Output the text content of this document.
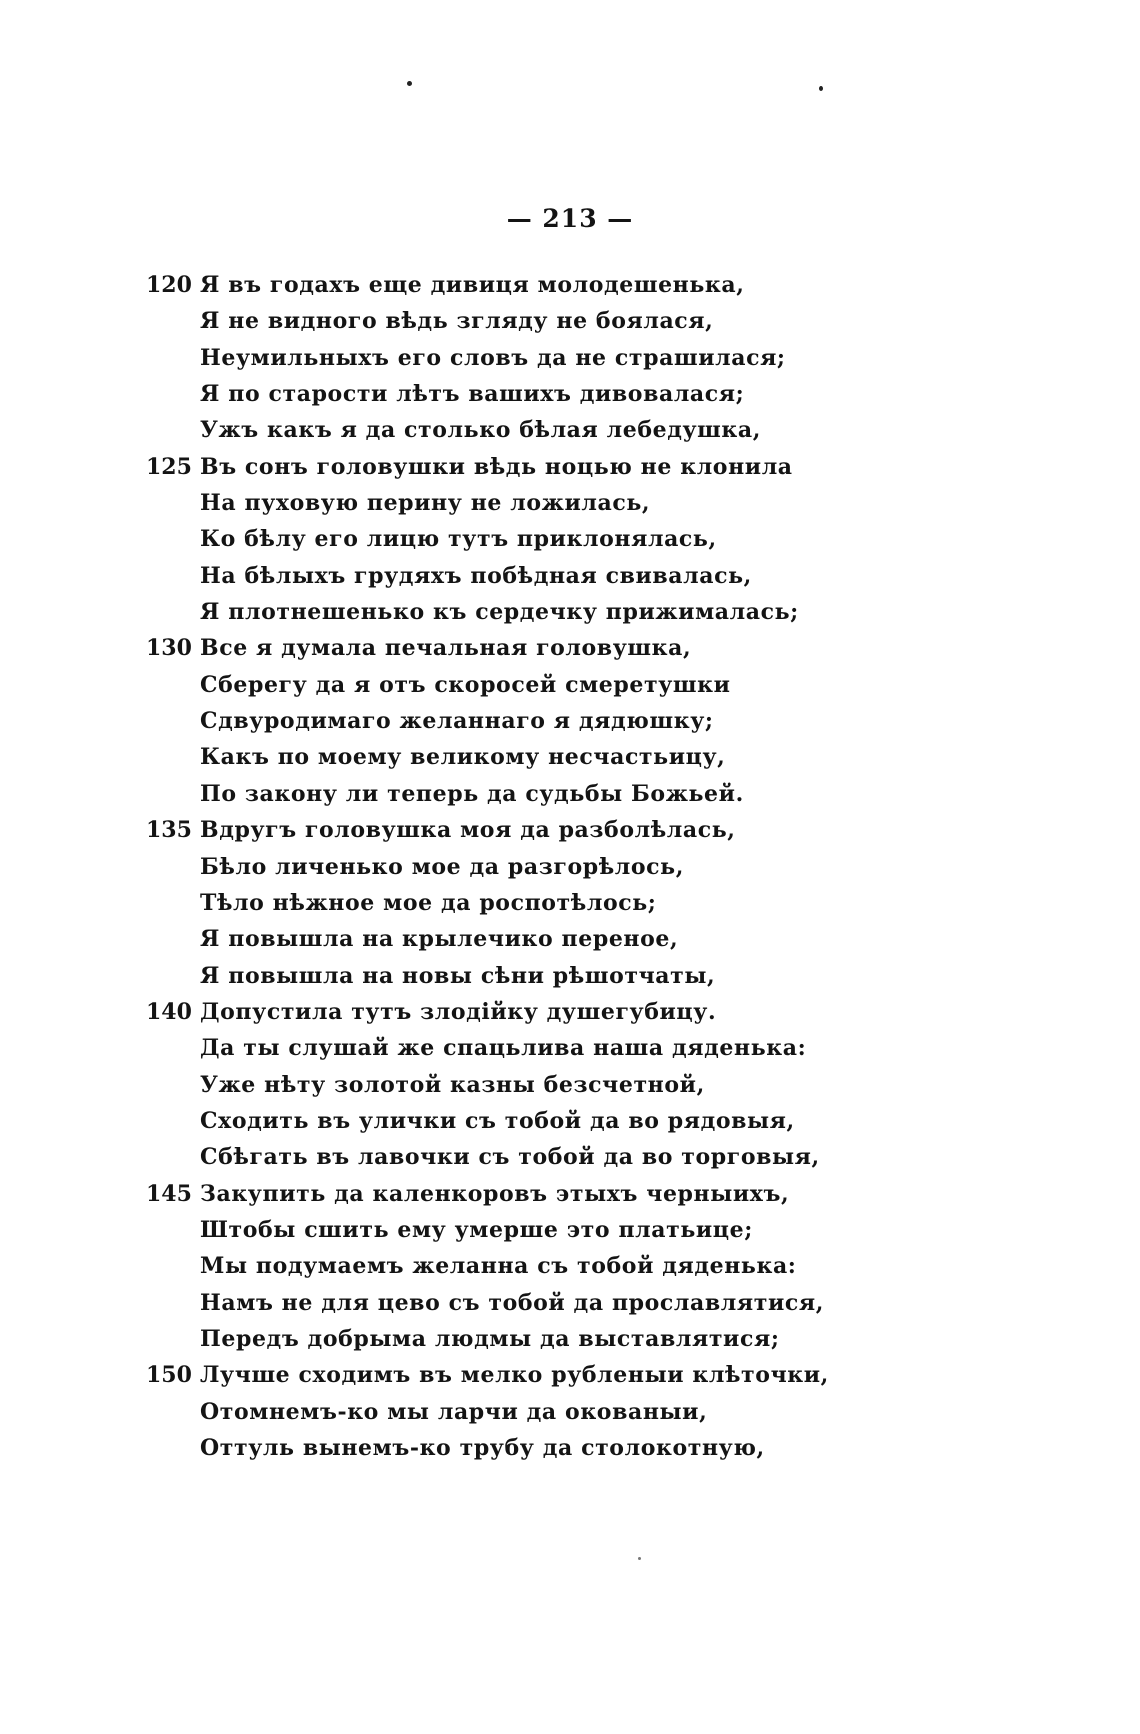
— 213 —
120 Я въ годахъ еще дивиця молодешенька,
Я не видного вѣдь згляду не боялася,
Неумильныхъ его словъ да не страшилася;
Я по старости лѣтъ вашихъ дивовалася;
Ужъ какъ я да столько бѣлая лебедушка,
125 Въ сонъ головушки вѣдь ноцью не клонила
На пуховую перину не ложилась,
Ко бѣлу его лицю тутъ приклонялась,
На бѣлыхъ грудяхъ побѣдная свивалась,
Я плотнешенько къ сердечку прижималась;
130 Все я думала печальная головушка,
Сберегу да я отъ скоросей смеретушки
Сдвуродимаго желаннаго я дядюшку;
Какъ по моему великому несчастьицу,
По закону ли теперь да судьбы Божьей.
135 Вдругъ головушка моя да разболѣлась,
Бѣло личенько мое да разгорѣлось,
Тѣло нѣжное мое да роспотѣлось;
Я повышла на крылечико переное,
Я повышла на новы сѣни рѣшотчаты,
140 Допустила тутъ злодійку душегубицу.
Да ты слушай же спацьлива наша дяденька:
Уже нѣту золотой казны безсчетной,
Сходить въ улички съ тобой да во рядовыя,
Сбѣгать въ лавочки съ тобой да во торговыя,
145 Закупить да каленкоровъ этыхъ черныихъ,
Штобы сшить ему умерше это платьице;
Мы подумаемъ желанна съ тобой дяденька:
Намъ не для цево съ тобой да прославлятися,
Передъ добрыма людмы да выставлятися;
150 Лучше сходимъ въ мелко рубленыи клѣточки,
Отомнемъ-ко мы ларчи да окованыи,
Оттуль вынемъ-ко трубу да столокотную,
